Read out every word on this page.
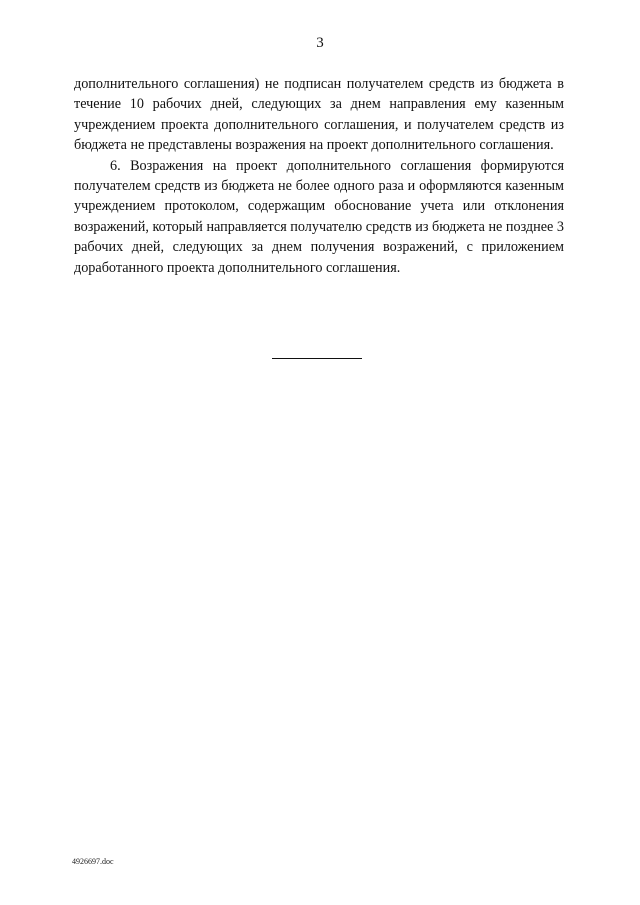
3

дополнительного соглашения) не подписан получателем средств из бюджета в течение 10 рабочих дней, следующих за днем направления ему казенным учреждением проекта дополнительного соглашения, и получателем средств из бюджета не представлены возражения на проект дополнительного соглашения.

6. Возражения на проект дополнительного соглашения формируются получателем средств из бюджета не более одного раза и оформляются казенным учреждением протоколом, содержащим обоснование учета или отклонения возражений, который направляется получателю средств из бюджета не позднее 3 рабочих дней, следующих за днем получения возражений, с приложением доработанного проекта дополнительного соглашения.

4926697.doc
